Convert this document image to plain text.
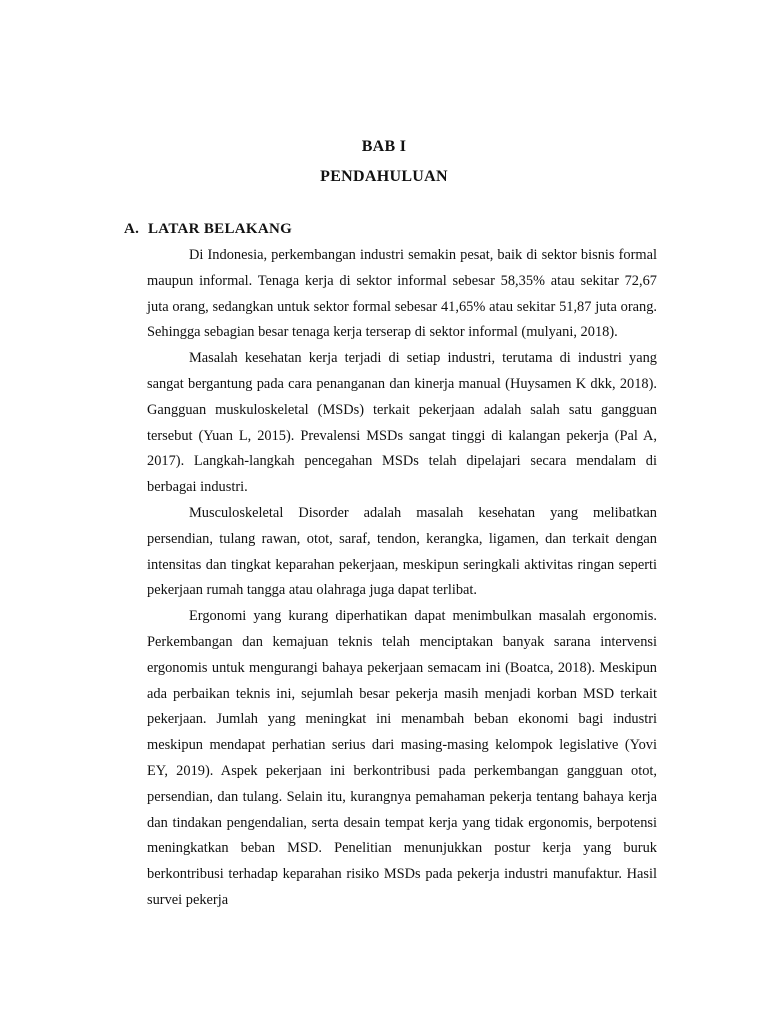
BAB I
PENDAHULUAN
A. LATAR BELAKANG

Di Indonesia, perkembangan industri semakin pesat, baik di sektor bisnis formal maupun informal. Tenaga kerja di sektor informal sebesar 58,35% atau sekitar 72,67 juta orang, sedangkan untuk sektor formal sebesar 41,65% atau sekitar 51,87 juta orang. Sehingga sebagian besar tenaga kerja terserap di sektor informal (mulyani, 2018).

Masalah kesehatan kerja terjadi di setiap industri, terutama di industri yang sangat bergantung pada cara penanganan dan kinerja manual (Huysamen K dkk, 2018). Gangguan muskuloskeletal (MSDs) terkait pekerjaan adalah salah satu gangguan tersebut (Yuan L, 2015). Prevalensi MSDs sangat tinggi di kalangan pekerja (Pal A, 2017). Langkah-langkah pencegahan MSDs telah dipelajari secara mendalam di berbagai industri.

Musculoskeletal Disorder adalah masalah kesehatan yang melibatkan persendian, tulang rawan, otot, saraf, tendon, kerangka, ligamen, dan terkait dengan intensitas dan tingkat keparahan pekerjaan, meskipun seringkali aktivitas ringan seperti pekerjaan rumah tangga atau olahraga juga dapat terlibat.

Ergonomi yang kurang diperhatikan dapat menimbulkan masalah ergonomis. Perkembangan dan kemajuan teknis telah menciptakan banyak sarana intervensi ergonomis untuk mengurangi bahaya pekerjaan semacam ini (Boatca, 2018). Meskipun ada perbaikan teknis ini, sejumlah besar pekerja masih menjadi korban MSD terkait pekerjaan. Jumlah yang meningkat ini menambah beban ekonomi bagi industri meskipun mendapat perhatian serius dari masing-masing kelompok legislative (Yovi EY, 2019). Aspek pekerjaan ini berkontribusi pada perkembangan gangguan otot, persendian, dan tulang. Selain itu, kurangnya pemahaman pekerja tentang bahaya kerja dan tindakan pengendalian, serta desain tempat kerja yang tidak ergonomis, berpotensi meningkatkan beban MSD. Penelitian menunjukkan postur kerja yang buruk berkontribusi terhadap keparahan risiko MSDs pada pekerja industri manufaktur. Hasil survei pekerja
